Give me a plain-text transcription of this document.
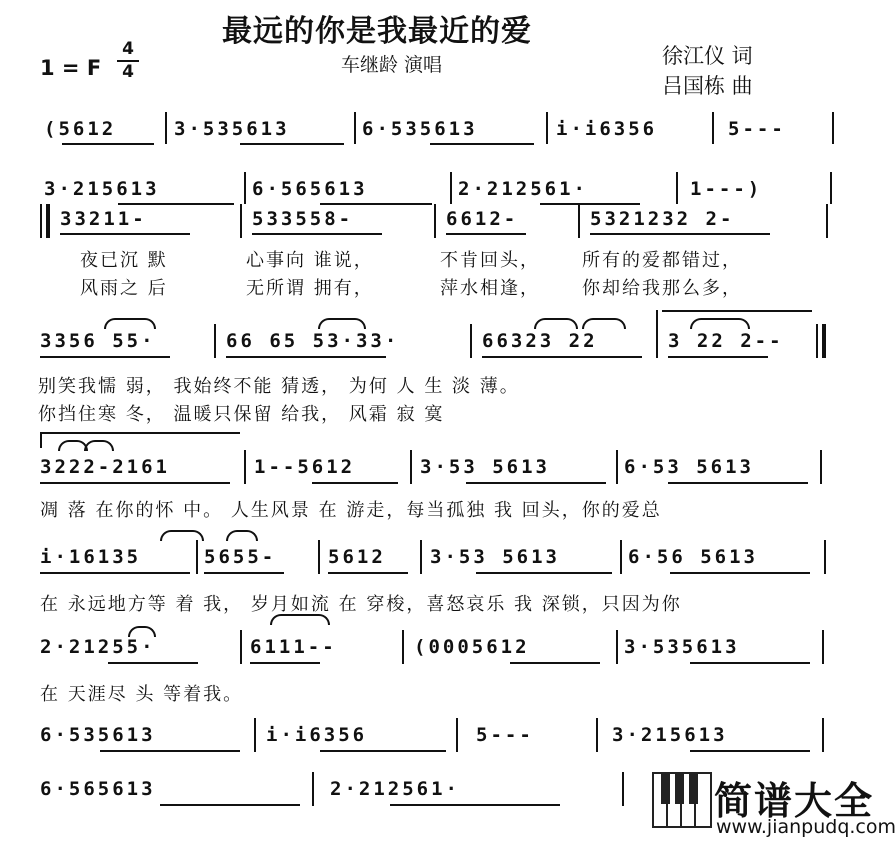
最远的你是我最近的爱
车继龄 演唱
1 = F
4
4
徐江仪 词
吕国栋 曲
(5612	3·535613	6·535613	i·i6356	5---
3·215613	6·565613	2·212561·	1---)
33211-	533558-	6612-	5321232 2-
夜已沉 默	心事向 谁说，	不肯回头， 所有的爱都错过，
风雨之 后	无所谓 拥有，	萍水相逢， 你却给我那么多，
3356 55·	66 65 53·33·	66323 22	3 22 2--
别笑我懦 弱， 我始终不能 猜透， 为何 人 生 淡 薄。
你挡住寒 冬， 温暖只保留 给我， 风霜 寂 寞
3222-2161	1--5612	3·53 5613	6·53 5613
凋 落 在你的怀 中。 人生风景 在 游走，每当孤独 我 回头，你的爱总
i·16135	5655-	5612 3·53 5613	6·56 5613
在 永远地方等 着 我， 岁月如流 在 穿梭，喜怒哀乐 我 深锁，只因为你
2·21255·	6111--	(0005612	3·535613
在 天涯尽 头 等着我。
6·535613	i·i6356	5---	3·215613
6·565613	2·212561·	简谱大全
www.jianpudq.com
